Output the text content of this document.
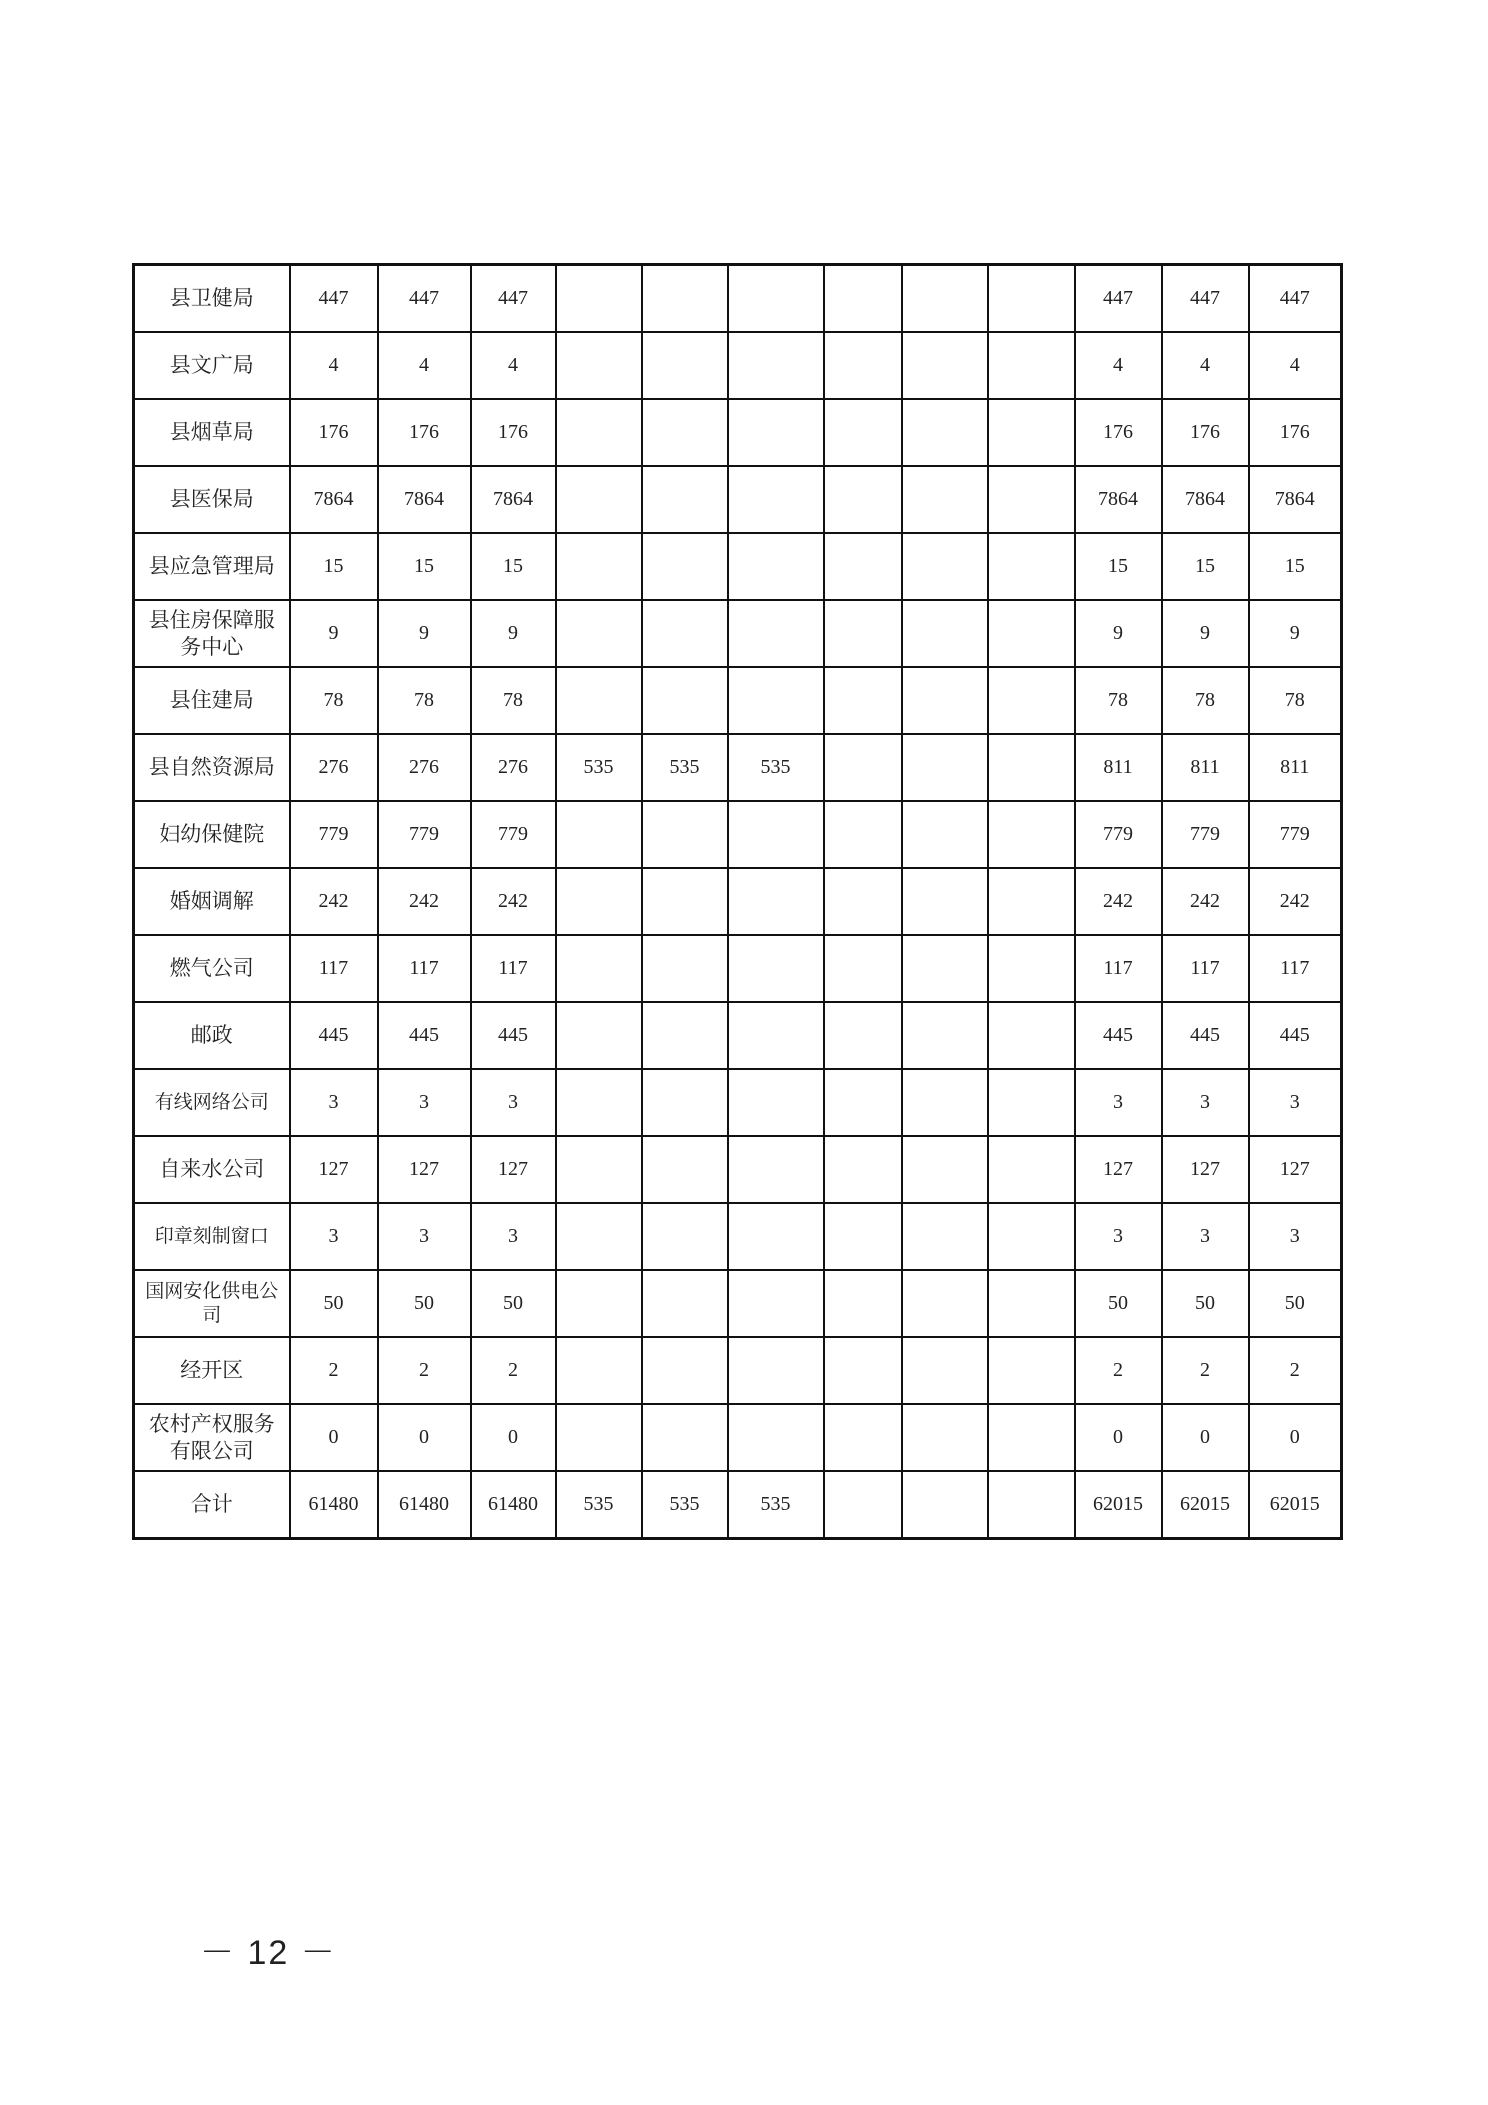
县卫健局	447	447	447							447	447	447
县文广局	4	4	4							4	4	4
县烟草局	176	176	176							176	176	176
县医保局	7864	7864	7864							7864	7864	7864
县应急管理局	15	15	15							15	15	15
县住房保障服务中心	9	9	9							9	9	9
县住建局	78	78	78							78	78	78
县自然资源局	276	276	276	535	535	535				811	811	811
妇幼保健院	779	779	779							779	779	779
婚姻调解	242	242	242							242	242	242
燃气公司	117	117	117							117	117	117
邮政	445	445	445							445	445	445
有线网络公司	3	3	3							3	3	3
自来水公司	127	127	127							127	127	127
印章刻制窗口	3	3	3							3	3	3
国网安化供电公司	50	50	50							50	50	50
经开区	2	2	2							2	2	2
农村产权服务有限公司	0	0	0							0	0	0
合计	61480	61480	61480	535	535	535				62015	62015	62015
－ 12 －
